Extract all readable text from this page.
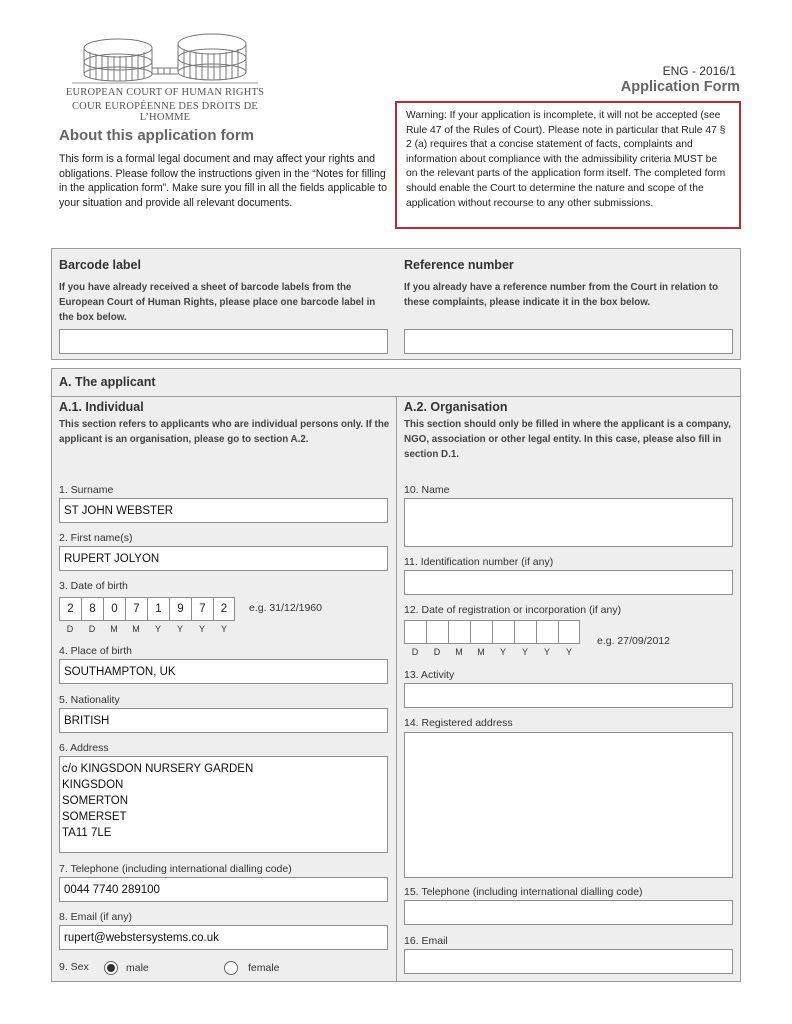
EUROPEAN COURT OF HUMAN RIGHTS
COUR EUROPÉENNE DES DROITS DE L’HOMME
ENG - 2016/1
Application Form
About this application form
This form is a formal legal document and may affect your rights and obligations. Please follow the instructions given in the “Notes for filling in the application form”. Make sure you fill in all the fields applicable to your situation and provide all relevant documents.
Warning: If your application is incomplete, it will not be accepted (see Rule 47 of the Rules of Court). Please note in particular that Rule 47 § 2 (a) requires that a concise statement of facts, complaints and information about compliance with the admissibility criteria MUST be on the relevant parts of the application form itself. The completed form should enable the Court to determine the nature and scope of the application without recourse to any other submissions.
Barcode label
If you have already received a sheet of barcode labels from the European Court of Human Rights, please place one barcode label in the box below.
Reference number
If you already have a reference number from the Court in relation to these complaints, please indicate it in the box below.
A. The applicant
A.1. Individual
This section refers to applicants who are individual persons only. If the applicant is an organisation, please go to section A.2.
1. Surname
ST JOHN WEBSTER
2. First name(s)
RUPERT JOLYON
3. Date of birth
2	8	0	7	1	9	7	2
D	D	M	M	Y	Y	Y	Y
e.g. 31/12/1960
4. Place of birth
SOUTHAMPTON, UK
5. Nationality
BRITISH
6. Address
c/o KINGSDON NURSERY GARDEN
KINGSDON
SOMERTON
SOMERSET
TA11 7LE
7. Telephone (including international dialling code)
0044 7740 289100
8. Email (if any)
rupert@webstersystems.co.uk
9. Sex	male	female
A.2. Organisation
This section should only be filled in where the applicant is a company, NGO, association or other legal entity. In this case, please also fill in section D.1.
10. Name
11. Identification number (if any)
12. Date of registration or incorporation (if any)
D	D	M	M	Y	Y	Y	Y
e.g. 27/09/2012
13. Activity
14. Registered address
15. Telephone (including international dialling code)
16. Email
